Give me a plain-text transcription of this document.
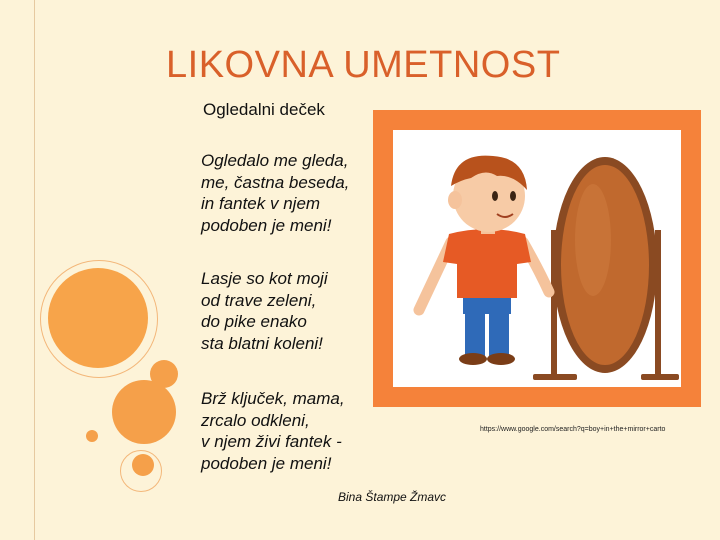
LIKOVNA UMETNOST
Ogledalni deček
Ogledalo me gleda,
me, častna beseda,
in fantek v njem
podoben je meni!
Lasje so kot moji
od trave zeleni,
do pike enako
sta blatni koleni!
Brž ključek, mama,
zrcalo odkleni,
v njem živi fantek -
podoben je meni!
Bina Štampe Žmavc
https://www.google.com/search?q=boy+in+the+mirror+carto
